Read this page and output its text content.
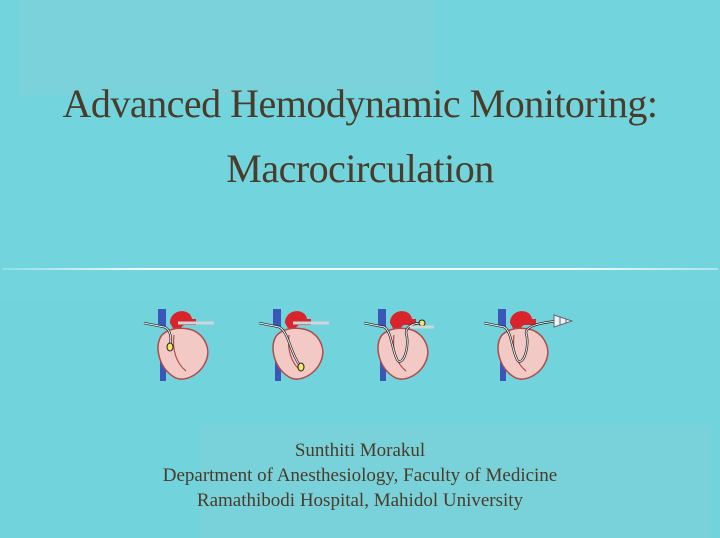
Advanced Hemodynamic Monitoring:
Macrocirculation

Sunthiti Morakul

Department of Anesthesiology, Faculty of Medicine

Ramathibodi Hospital, Mahidol University
